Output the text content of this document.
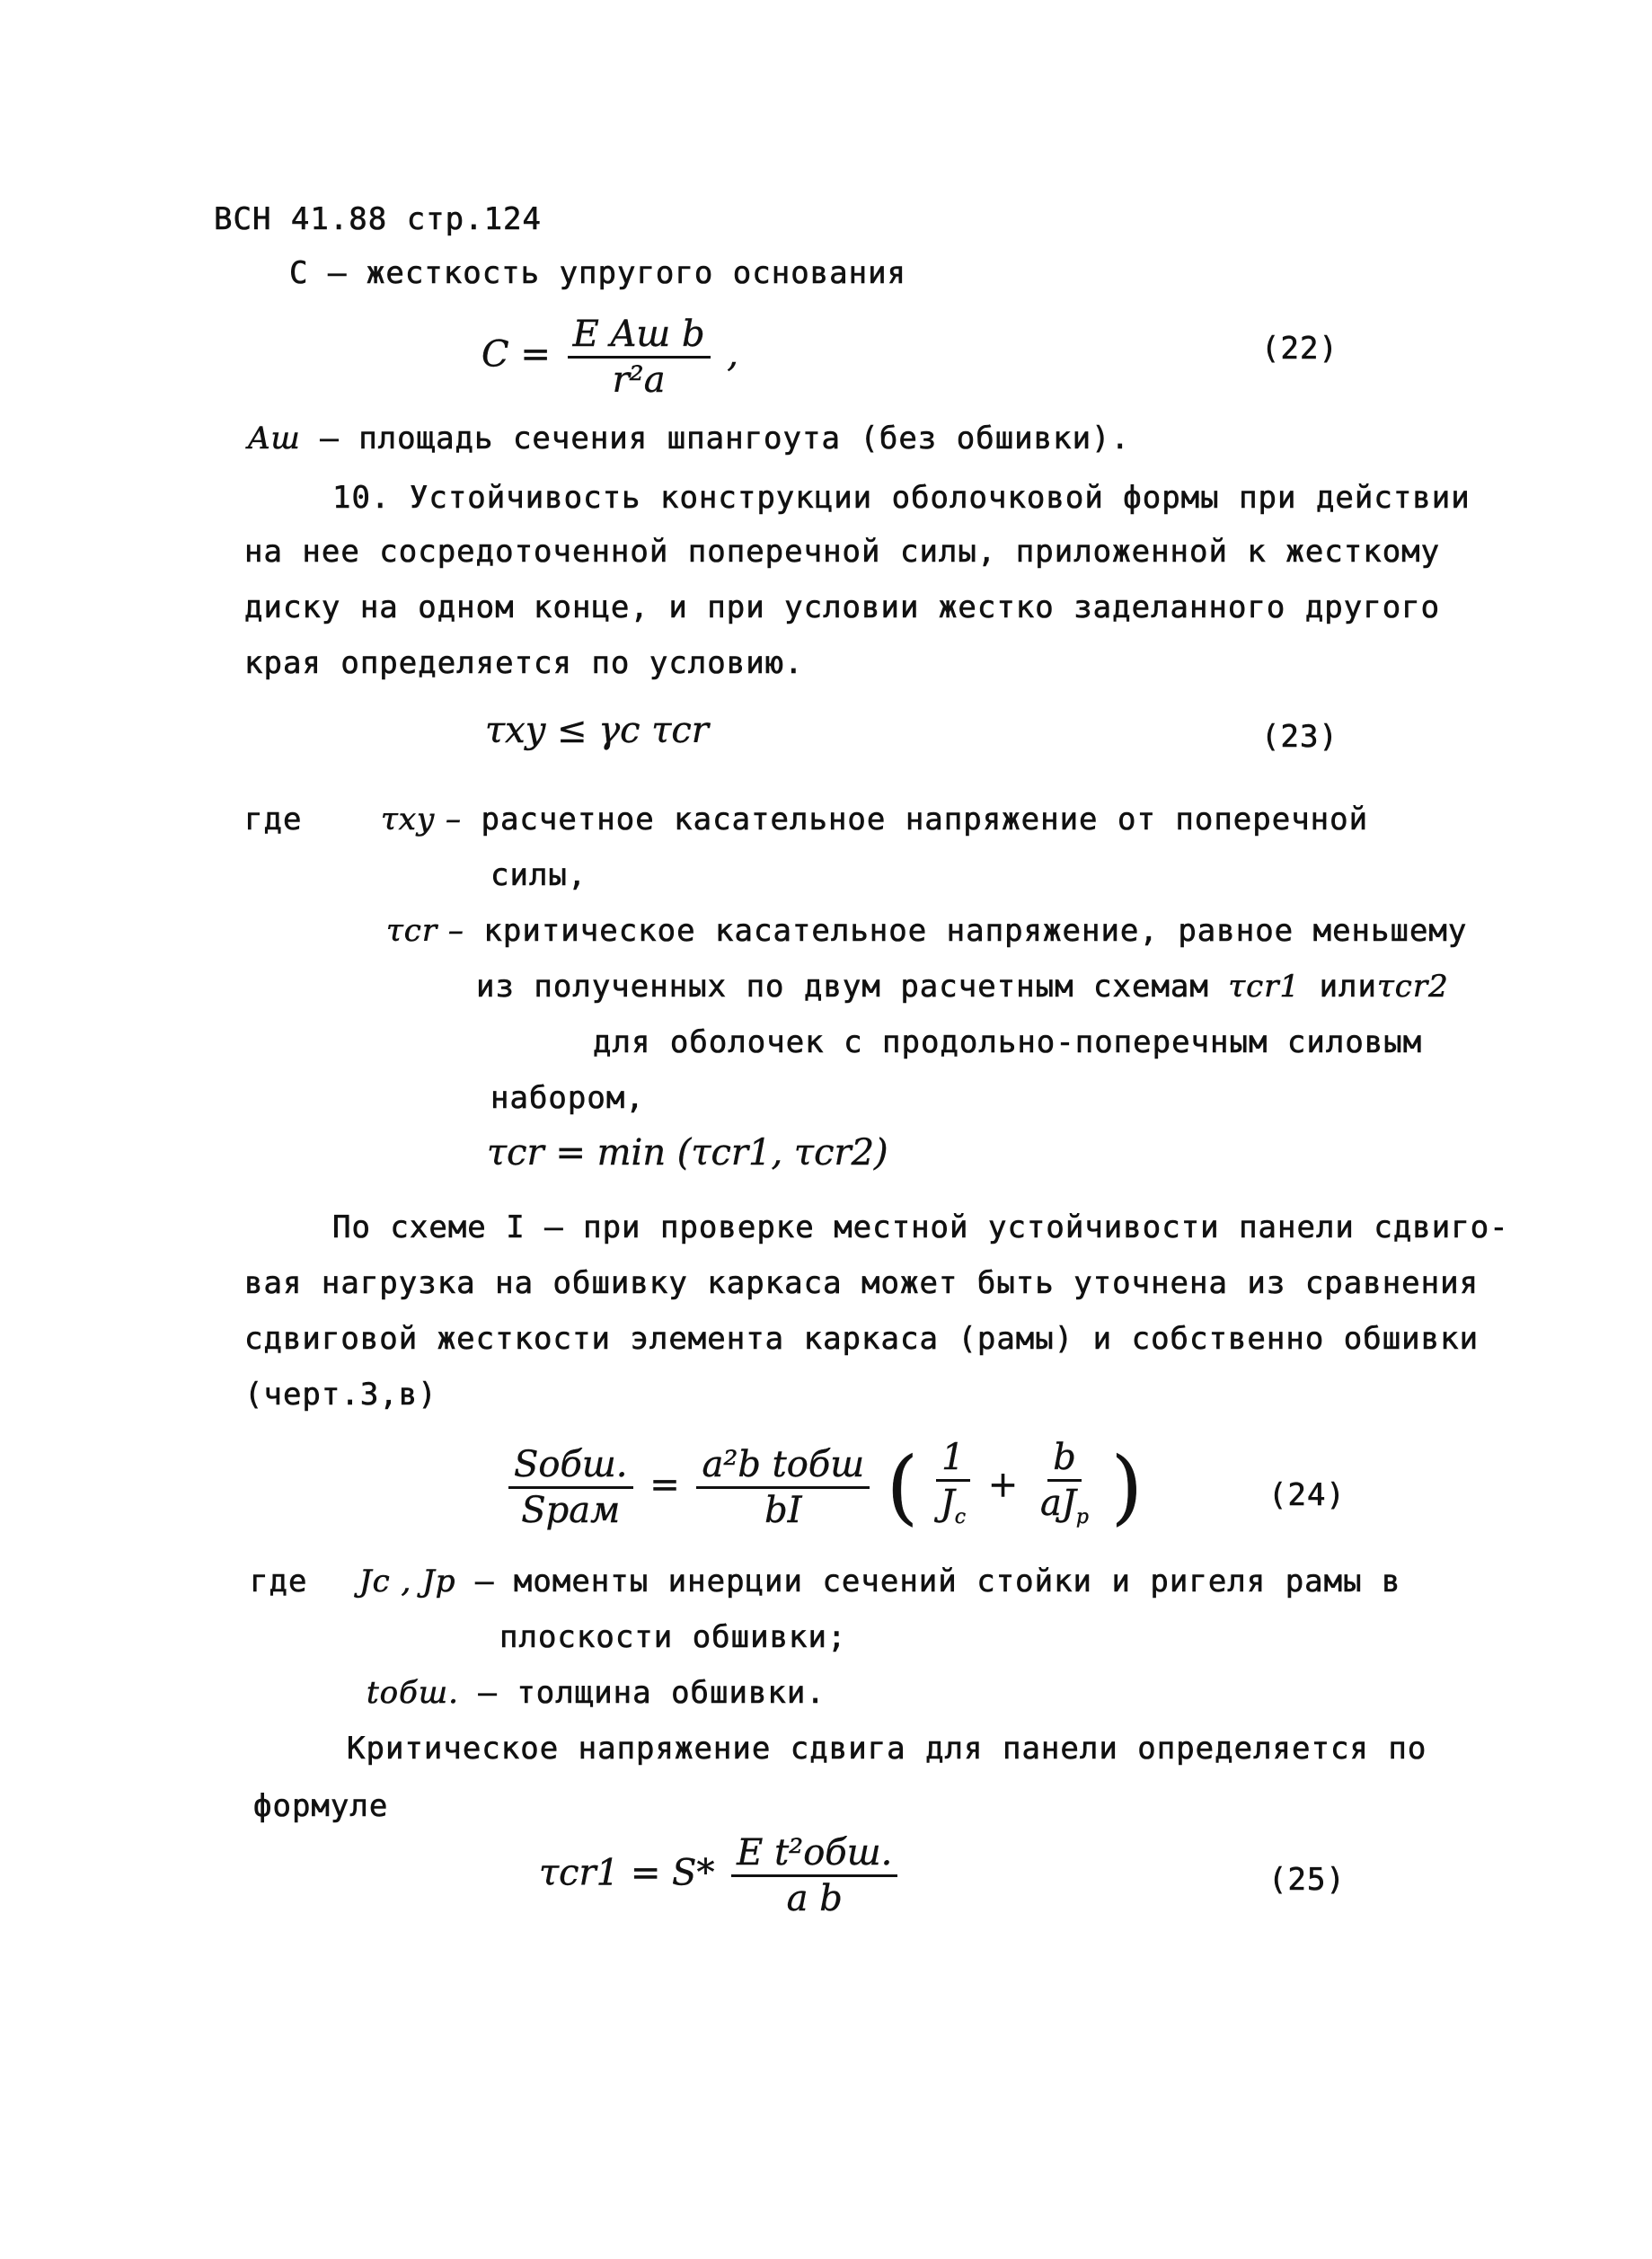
ВСН 41.88 стр.124
С – жесткость упругого основания
$C = \frac{\text{E Aш b}}{\text{r²a}}$ ,	(22)
Aш – площадь сечения шпангоута (без обшивки).
10. Устойчивость конструкции оболочковой формы при действии
на нее сосредоточенной поперечной силы, приложенной к жесткому
диску на одном конце, и при условии жестко заделанного другого
края определяется по условию.
τxy ≤ γc τcr	(23)
где	τxy – расчетное касательное напряжение от поперечной
силы,
τcr – критическое касательное напряжение, равное меньшему
из полученных по двум расчетным схемам τcr1 илиτcr2
для оболочек с продольно-поперечным силовым
набором,
τcr = min (τcr1, τcr2)
По схеме I – при проверке местной устойчивости панели сдвиго-
вая нагрузка на обшивку каркаса может быть уточнена из сравнения
сдвиговой жесткости элемента каркаса (рамы) и собственно обшивки
(черт.3,в)
$\frac{\text{Sобш.}}{\text{Sрам}} = \frac{\text{a²b tобш}}{bI}$ ( $\frac{1}{J_c} + \frac{b}{aJ_p}$ )	(24)
где Jc , Jр – моменты инерции сечений стойки и ригеля рамы в
плоскости обшивки;
tобш. – толщина обшивки.
Критическое напряжение сдвига для панели определяется по
формуле
$\tau cr1 = S* \frac{\text{E t²обш.}}{\text{a b}}$	(25)
